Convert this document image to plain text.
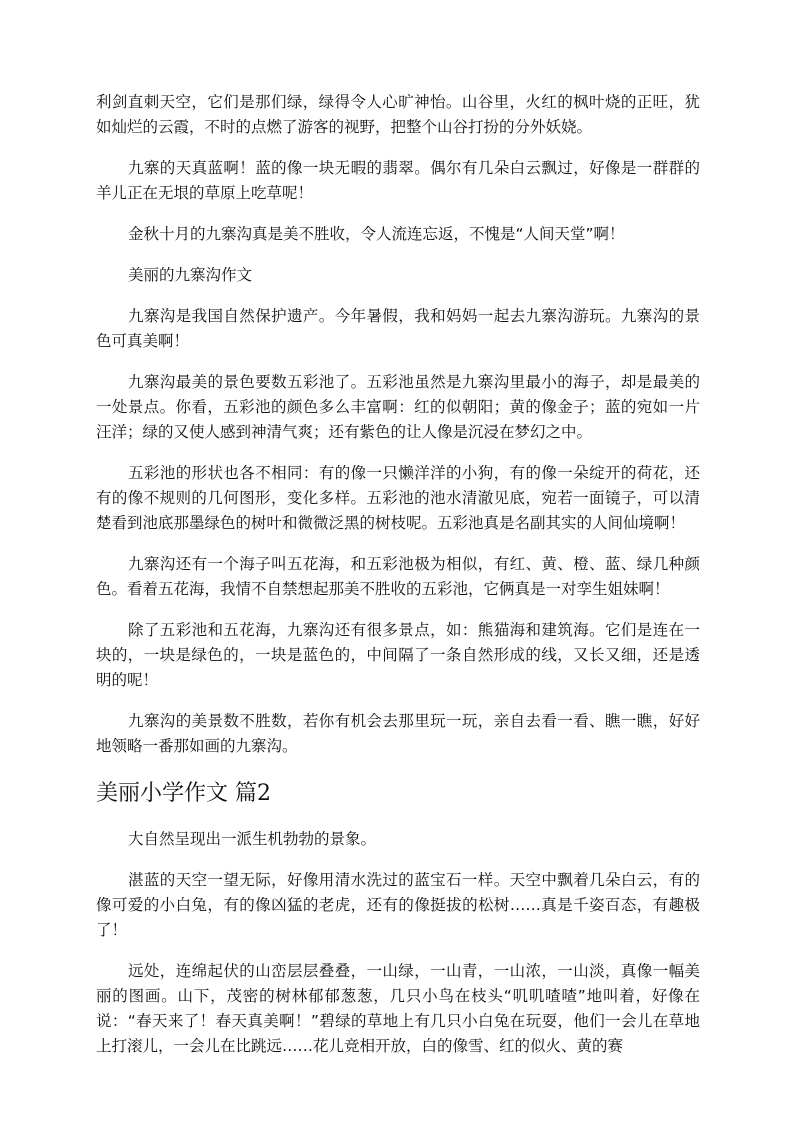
利剑直刺天空，它们是那们绿，绿得令人心旷神怡。山谷里，火红的枫叶烧的正旺，犹如灿烂的云霞，不时的点燃了游客的视野，把整个山谷打扮的分外妖娆。

九寨的天真蓝啊！蓝的像一块无暇的翡翠。偶尔有几朵白云飘过，好像是一群群的羊儿正在无垠的草原上吃草呢！

金秋十月的九寨沟真是美不胜收，令人流连忘返，不愧是“人间天堂”啊！

美丽的九寨沟作文

九寨沟是我国自然保护遗产。今年暑假，我和妈妈一起去九寨沟游玩。九寨沟的景色可真美啊！

九寨沟最美的景色要数五彩池了。五彩池虽然是九寨沟里最小的海子，却是最美的一处景点。你看，五彩池的颜色多么丰富啊：红的似朝阳；黄的像金子；蓝的宛如一片汪洋；绿的又使人感到神清气爽；还有紫色的让人像是沉浸在梦幻之中。

五彩池的形状也各不相同：有的像一只懒洋洋的小狗，有的像一朵绽开的荷花，还有的像不规则的几何图形，变化多样。五彩池的池水清澈见底，宛若一面镜子，可以清楚看到池底那墨绿色的树叶和微微泛黑的树枝呢。五彩池真是名副其实的人间仙境啊！

九寨沟还有一个海子叫五花海，和五彩池极为相似，有红、黄、橙、蓝、绿几种颜色。看着五花海，我情不自禁想起那美不胜收的五彩池，它俩真是一对孪生姐妹啊！

除了五彩池和五花海，九寨沟还有很多景点，如：熊猫海和建筑海。它们是连在一块的，一块是绿色的，一块是蓝色的，中间隔了一条自然形成的线，又长又细，还是透明的呢！

九寨沟的美景数不胜数，若你有机会去那里玩一玩，亲自去看一看、瞧一瞧，好好地领略一番那如画的九寨沟。

美丽小学作文 篇2

大自然呈现出一派生机勃勃的景象。

湛蓝的天空一望无际，好像用清水洗过的蓝宝石一样。天空中飘着几朵白云，有的像可爱的小白兔，有的像凶猛的老虎，还有的像挺拔的松树……真是千姿百态，有趣极了！

远处，连绵起伏的山峦层层叠叠，一山绿，一山青，一山浓，一山淡，真像一幅美丽的图画。山下，茂密的树林郁郁葱葱，几只小鸟在枝头“叽叽喳喳”地叫着，好像在说：“春天来了！春天真美啊！”碧绿的草地上有几只小白兔在玩耍，他们一会儿在草地上打滚儿，一会儿在比跳远……花儿竞相开放，白的像雪、红的似火、黄的赛
